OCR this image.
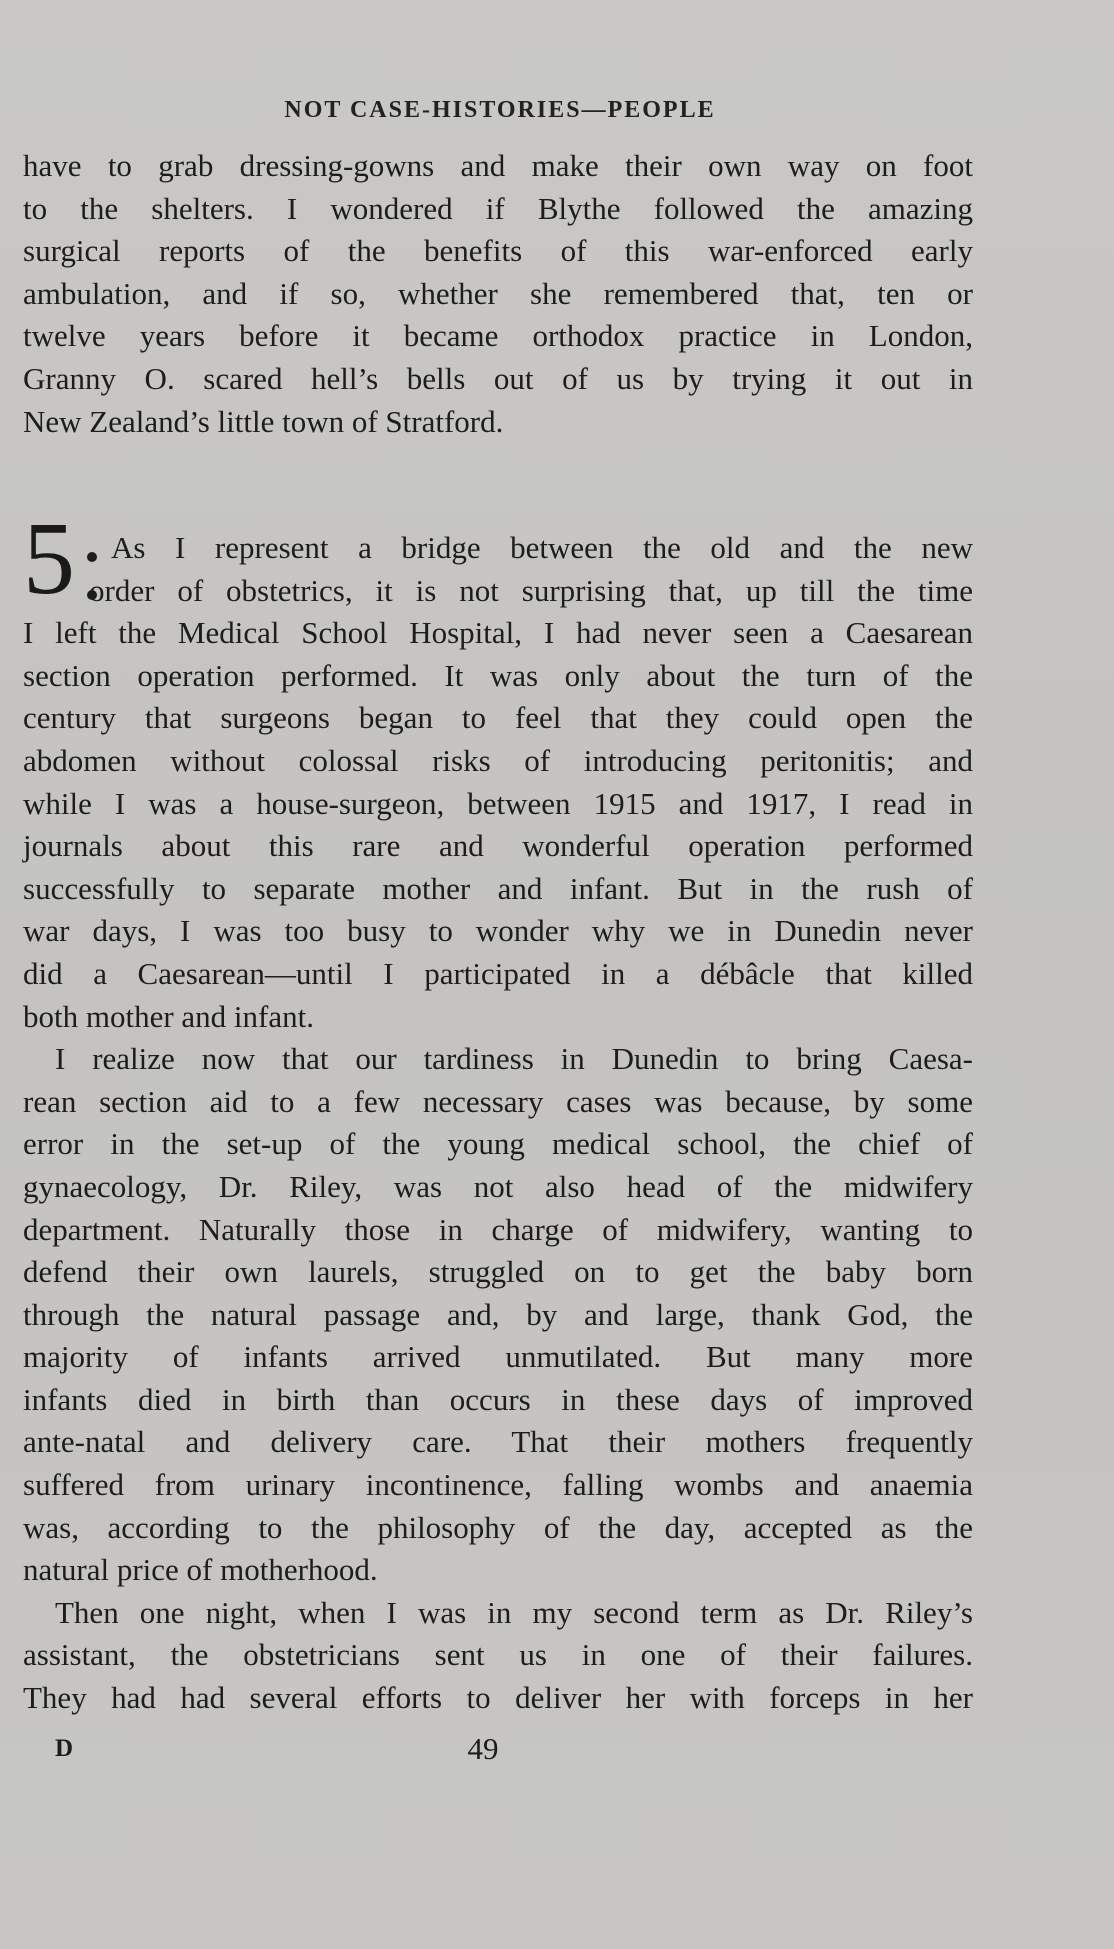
NOT CASE-HISTORIES—PEOPLE
have to grab dressing-gowns and make their own way on foot
to the shelters. I wondered if Blythe followed the amazing
surgical reports of the benefits of this war-enforced early
ambulation, and if so, whether she remembered that, ten or
twelve years before it became orthodox practice in London,
Granny O. scared hell’s bells out of us by trying it out in
New Zealand’s little town of Stratford.
5 As I represent a bridge between the old and the new
order of obstetrics, it is not surprising that, up till the time
I left the Medical School Hospital, I had never seen a Caesarean
section operation performed. It was only about the turn of the
century that surgeons began to feel that they could open the
abdomen without colossal risks of introducing peritonitis; and
while I was a house-surgeon, between 1915 and 1917, I read in
journals about this rare and wonderful operation performed
successfully to separate mother and infant. But in the rush of
war days, I was too busy to wonder why we in Dunedin never
did a Caesarean—until I participated in a débâcle that killed
both mother and infant.
I realize now that our tardiness in Dunedin to bring Caesa-
rean section aid to a few necessary cases was because, by some
error in the set-up of the young medical school, the chief of
gynaecology, Dr. Riley, was not also head of the midwifery
department. Naturally those in charge of midwifery, wanting to
defend their own laurels, struggled on to get the baby born
through the natural passage and, by and large, thank God, the
majority of infants arrived unmutilated. But many more
infants died in birth than occurs in these days of improved
ante-natal and delivery care. That their mothers frequently
suffered from urinary incontinence, falling wombs and anaemia
was, according to the philosophy of the day, accepted as the
natural price of motherhood.
Then one night, when I was in my second term as Dr. Riley’s
assistant, the obstetricians sent us in one of their failures.
They had had several efforts to deliver her with forceps in her
D	49
